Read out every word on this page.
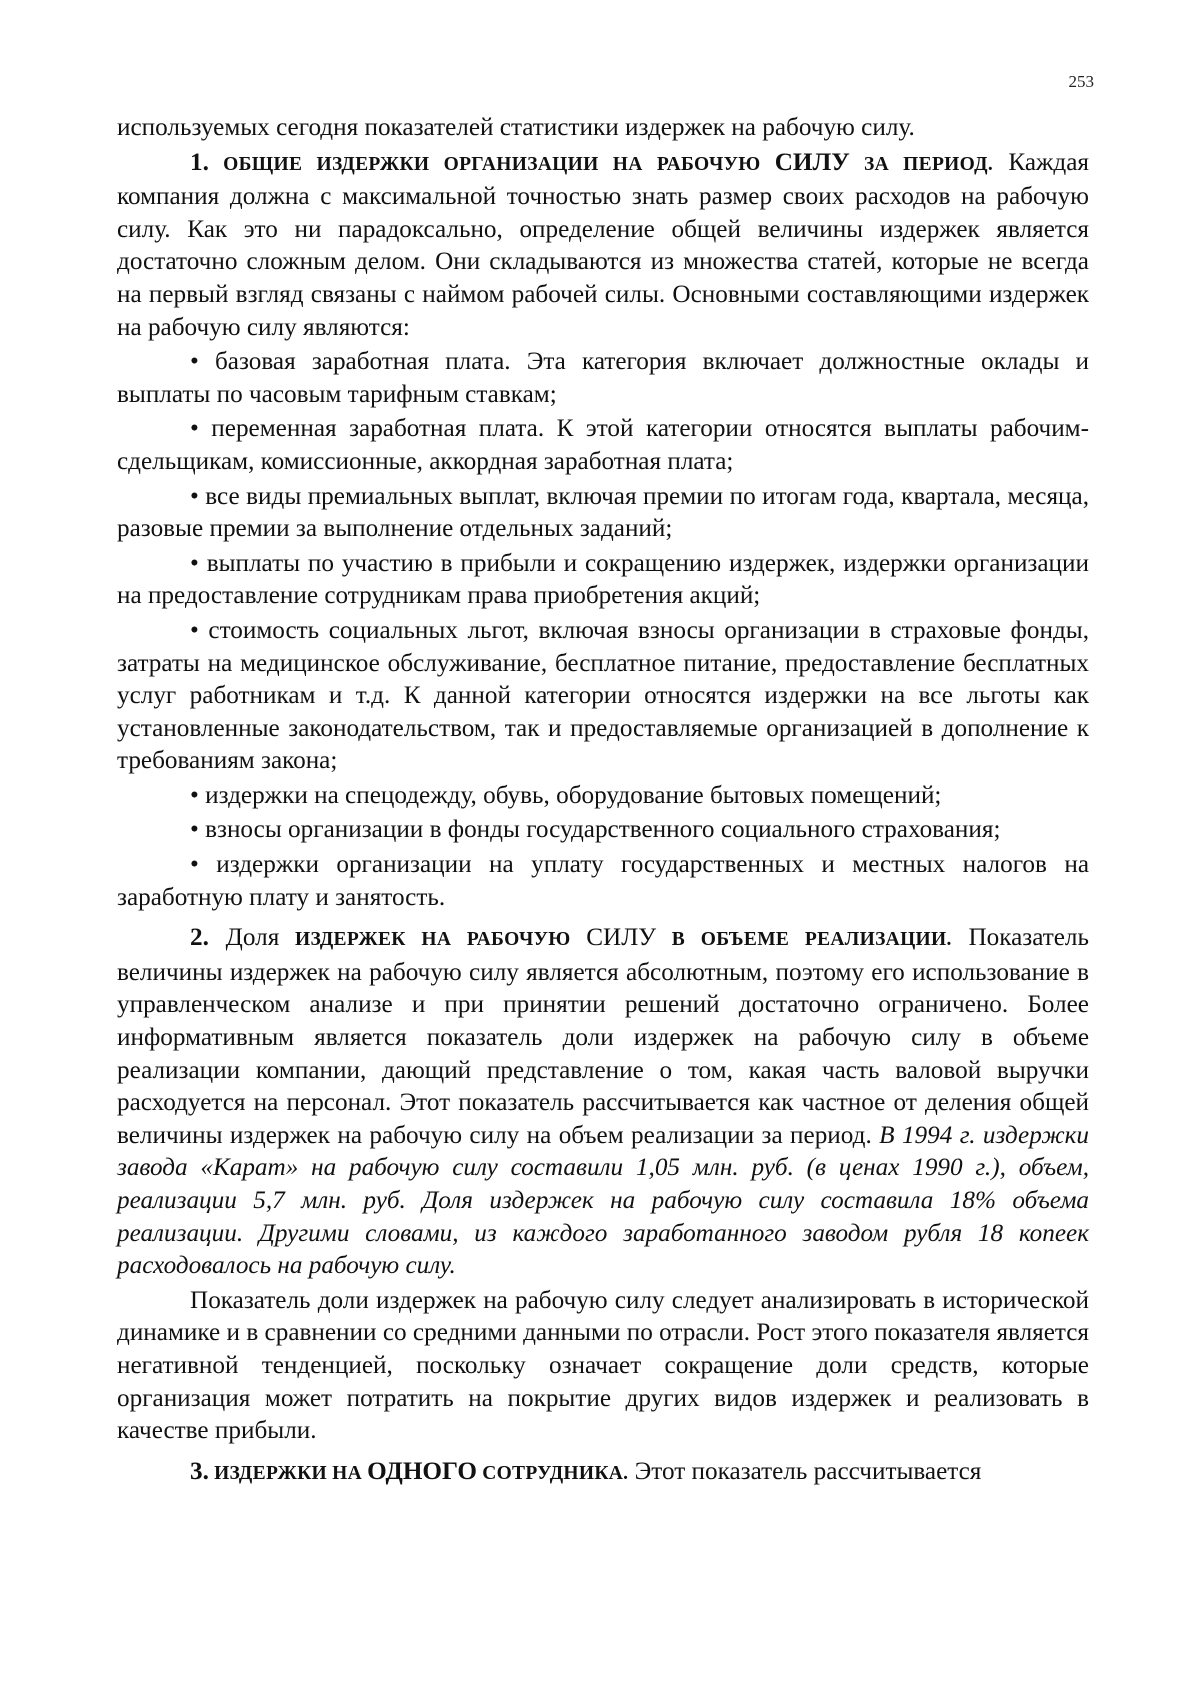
253

используемых сегодня показателей статистики издержек на рабочую силу.

1. ОБЩИЕ ИЗДЕРЖКИ ОРГАНИЗАЦИИ НА РАБОЧУЮ СИЛУ ЗА ПЕРИОД. Каждая компания должна с максимальной точностью знать размер своих расходов на рабочую силу. Как это ни парадоксально, определение общей величины издержек является достаточно сложным делом. Они складываются из множества статей, которые не всегда на первый взгляд связаны с наймом рабочей силы. Основными составляющими издержек на рабочую силу являются:

• базовая заработная плата. Эта категория включает должностные оклады и выплаты по часовым тарифным ставкам;

• переменная заработная плата. К этой категории относятся выплаты рабочим-сдельщикам, комиссионные, аккордная заработная плата;

• все виды премиальных выплат, включая премии по итогам года, квартала, месяца, разовые премии за выполнение отдельных заданий;

• выплаты по участию в прибыли и сокращению издержек, издержки организации на предоставление сотрудникам права приобретения акций;

• стоимость социальных льгот, включая взносы организации в страховые фонды, затраты на медицинское обслуживание, бесплатное питание, предоставление бесплатных услуг работникам и т.д. К данной категории относятся издержки на все льготы как установленные законодательством, так и предоставляемые организацией в дополнение к требованиям закона;

• издержки на спецодежду, обувь, оборудование бытовых помещений;

• взносы организации в фонды государственного социального страхования;

• издержки организации на уплату государственных и местных налогов на заработную плату и занятость.

2. Доля ИЗДЕРЖЕК НА РАБОЧУЮ СИЛУ В ОБЪЕМЕ РЕАЛИЗАЦИИ. Показатель величины издержек на рабочую силу является абсолютным, поэтому его использование в управленческом анализе и при принятии решений достаточно ограничено. Более информативным является показатель доли издержек на рабочую силу в объеме реализации компании, дающий представление о том, какая часть валовой выручки расходуется на персонал. Этот показатель рассчитывается как частное от деления общей величины издержек на рабочую силу на объем реализации за период. В 1994 г. издержки завода «Карат» на рабочую силу составили 1,05 млн. руб. (в ценах 1990 г.), объем, реализации 5,7 млн. руб. Доля издержек на рабочую силу составила 18% объема реализации. Другими словами, из каждого заработанного заводом рубля 18 копеек расходовалось на рабочую силу.

Показатель доли издержек на рабочую силу следует анализировать в исторической динамике и в сравнении со средними данными по отрасли. Рост этого показателя является негативной тенденцией, поскольку означает сокращение доли средств, которые организация может потратить на покрытие других видов издержек и реализовать в качестве прибыли.

3. ИЗДЕРЖКИ НА ОДНОГО СОТРУДНИКА. Этот показатель рассчитывается
